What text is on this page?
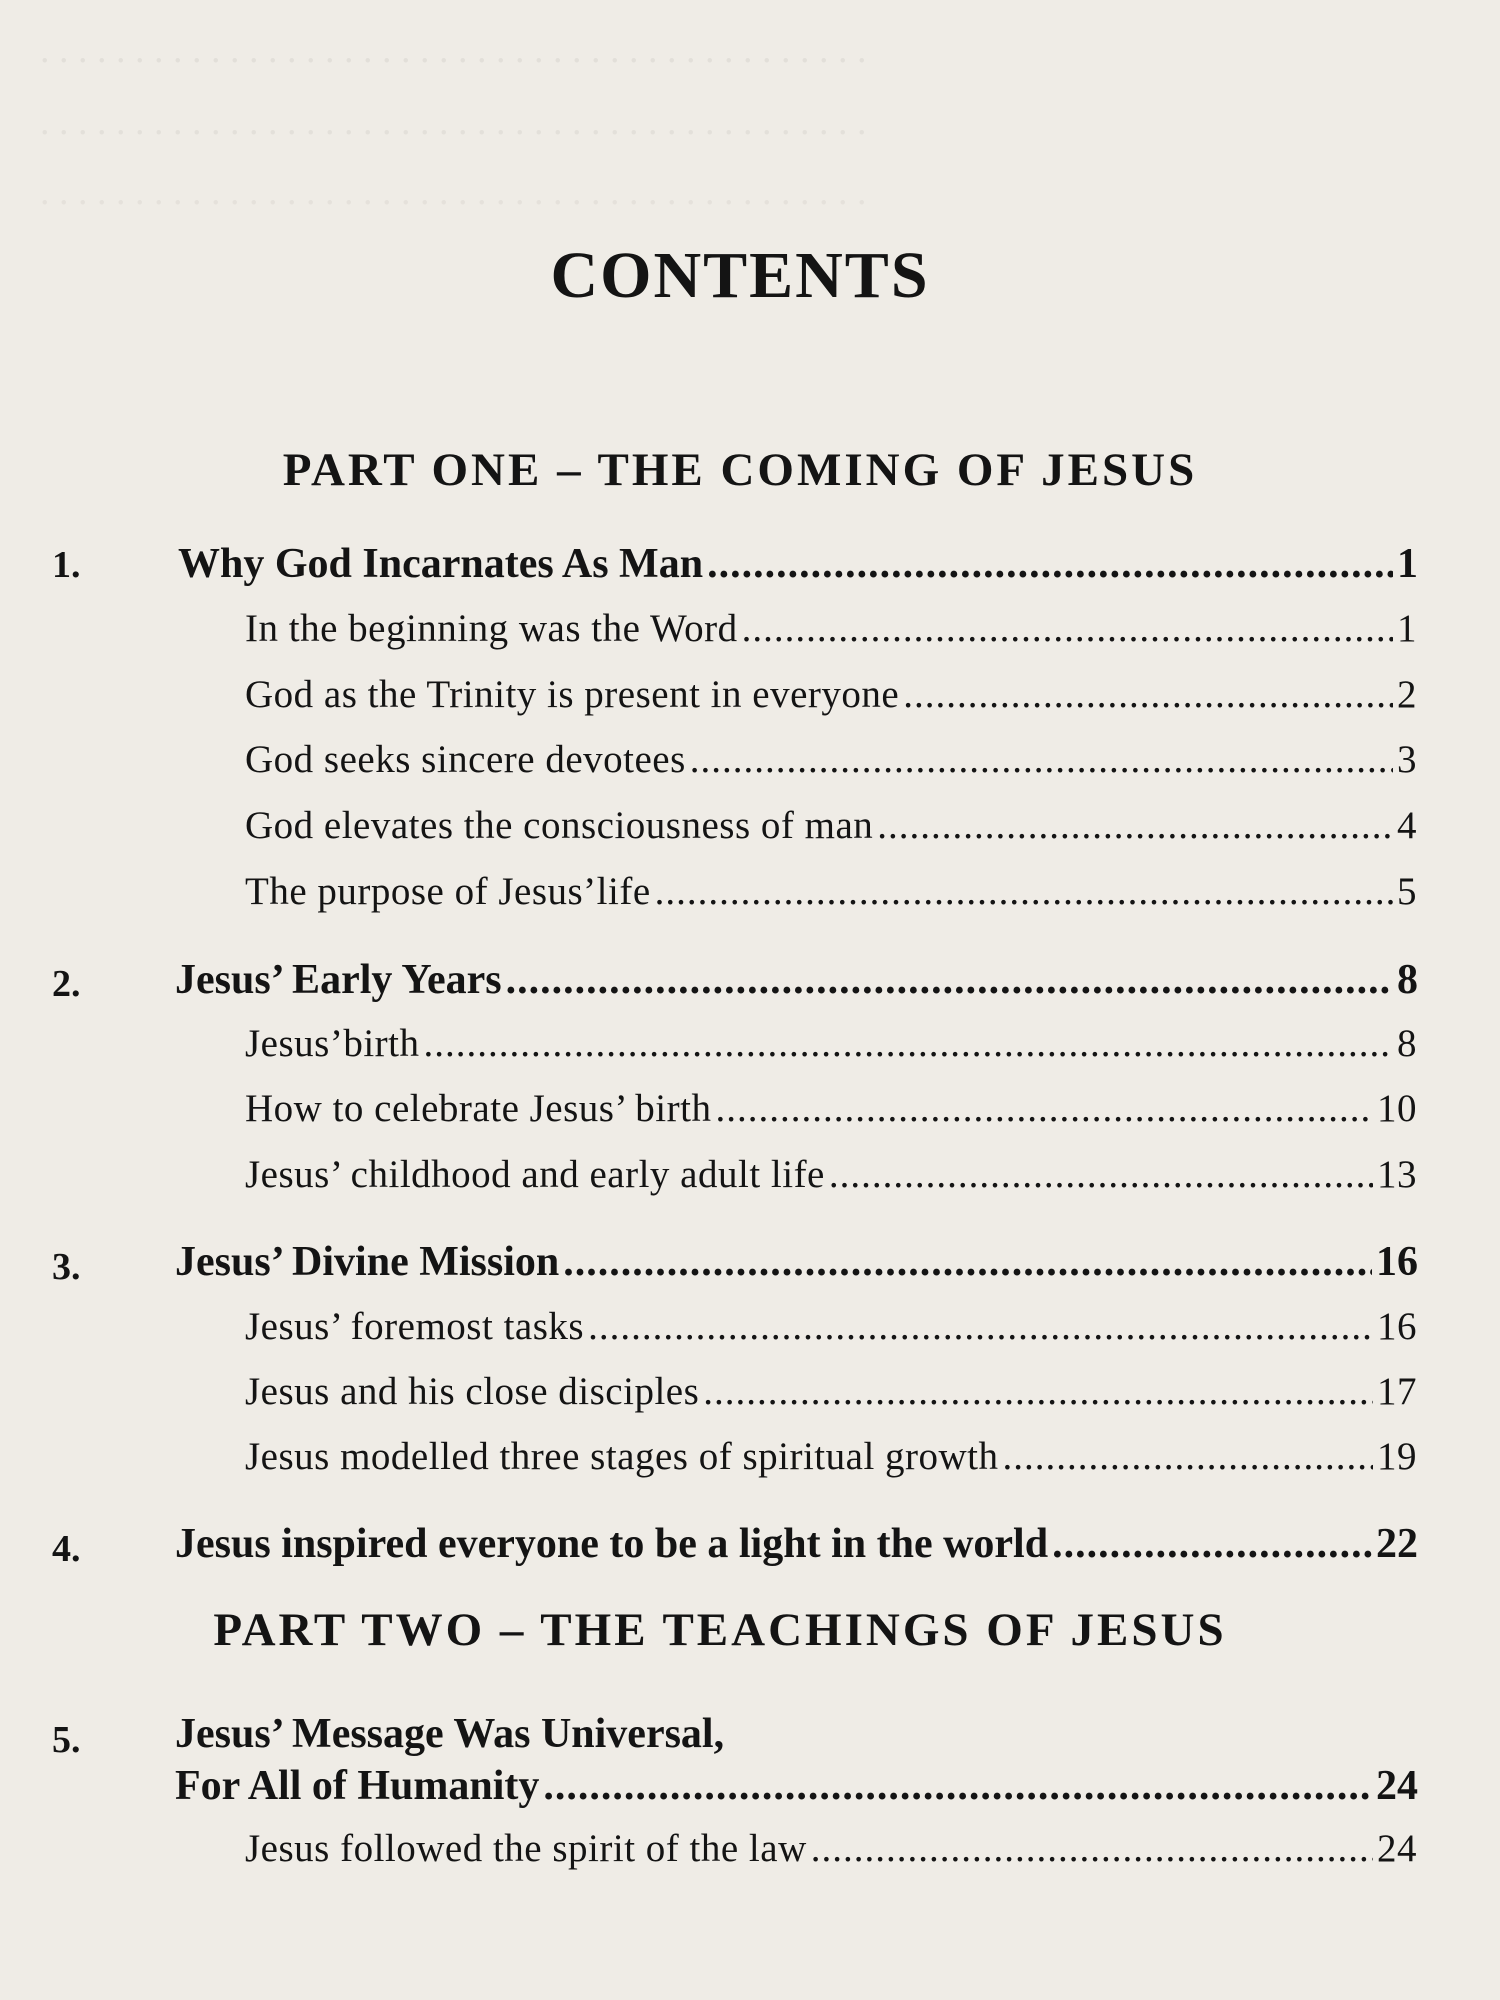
. . . . . . . . . . . . . . . . . . . . . . . . . . . . . . . . . . . . . . . . . . . .
. . . . . . . . . . . . . . . . . . . . . . . . . . . . . . . . . . . . . . . . . . . .
. . . . . . . . . . . . . . . . . . . . . . . . . . . . . . . . . . . . . . . . . . . .
CONTENTS
PART ONE – THE COMING OF JESUS
1. Why God Incarnates As Man .....	1
In the beginning was the Word .....	1
God as the Trinity is present in everyone .....	2
God seeks sincere devotees .....	3
God elevates the consciousness of man .....	4
The purpose of Jesus’life .....	5
2. Jesus’ Early Years .....	8
Jesus’birth .....	8
How to celebrate Jesus’ birth .....	10
Jesus’ childhood and early adult life .....	13
3. Jesus’ Divine Mission .....	16
Jesus’ foremost tasks .....	16
Jesus and his close disciples .....	17
Jesus modelled three stages of spiritual growth .....	19
4. Jesus inspired everyone to be a light in the world .....	22
PART TWO – THE TEACHINGS OF JESUS
5. Jesus’ Message Was Universal,
For All of Humanity .....	24
Jesus followed the spirit of the law .....	24
